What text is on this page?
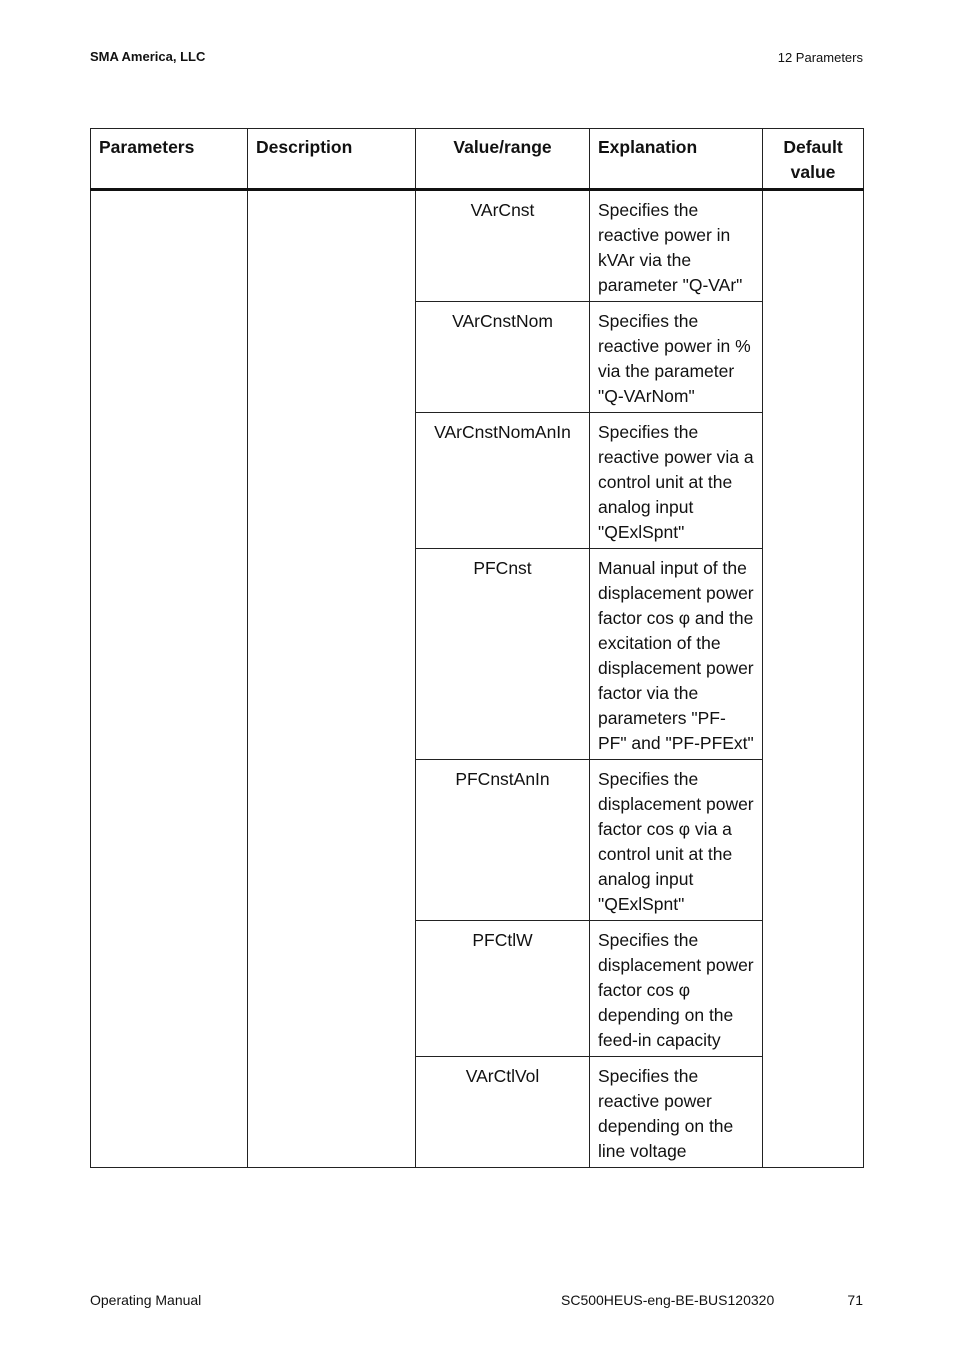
SMA America, LLC	12 Parameters
Parameters	Description	Value/range	Explanation	Default value
		VArCnst	Specifies the reactive power in kVAr via the parameter "Q-VAr"	
		VArCnstNom	Specifies the reactive power in % via the parameter "Q-VArNom"	
		VArCnstNomAnIn	Specifies the reactive power via a control unit at the analog input "QExlSpnt"	
		PFCnst	Manual input of the displacement power factor cos φ and the excitation of the displacement power factor via the parameters "PF-PF" and "PF-PFExt"	
		PFCnstAnIn	Specifies the displacement power factor cos φ via a control unit at the analog input "QExlSpnt"	
		PFCtlW	Specifies the displacement power factor cos φ depending on the feed-in capacity	
		VArCtlVol	Specifies the reactive power depending on the line voltage	
Operating Manual	SC500HEUS-eng-BE-BUS120320	71
